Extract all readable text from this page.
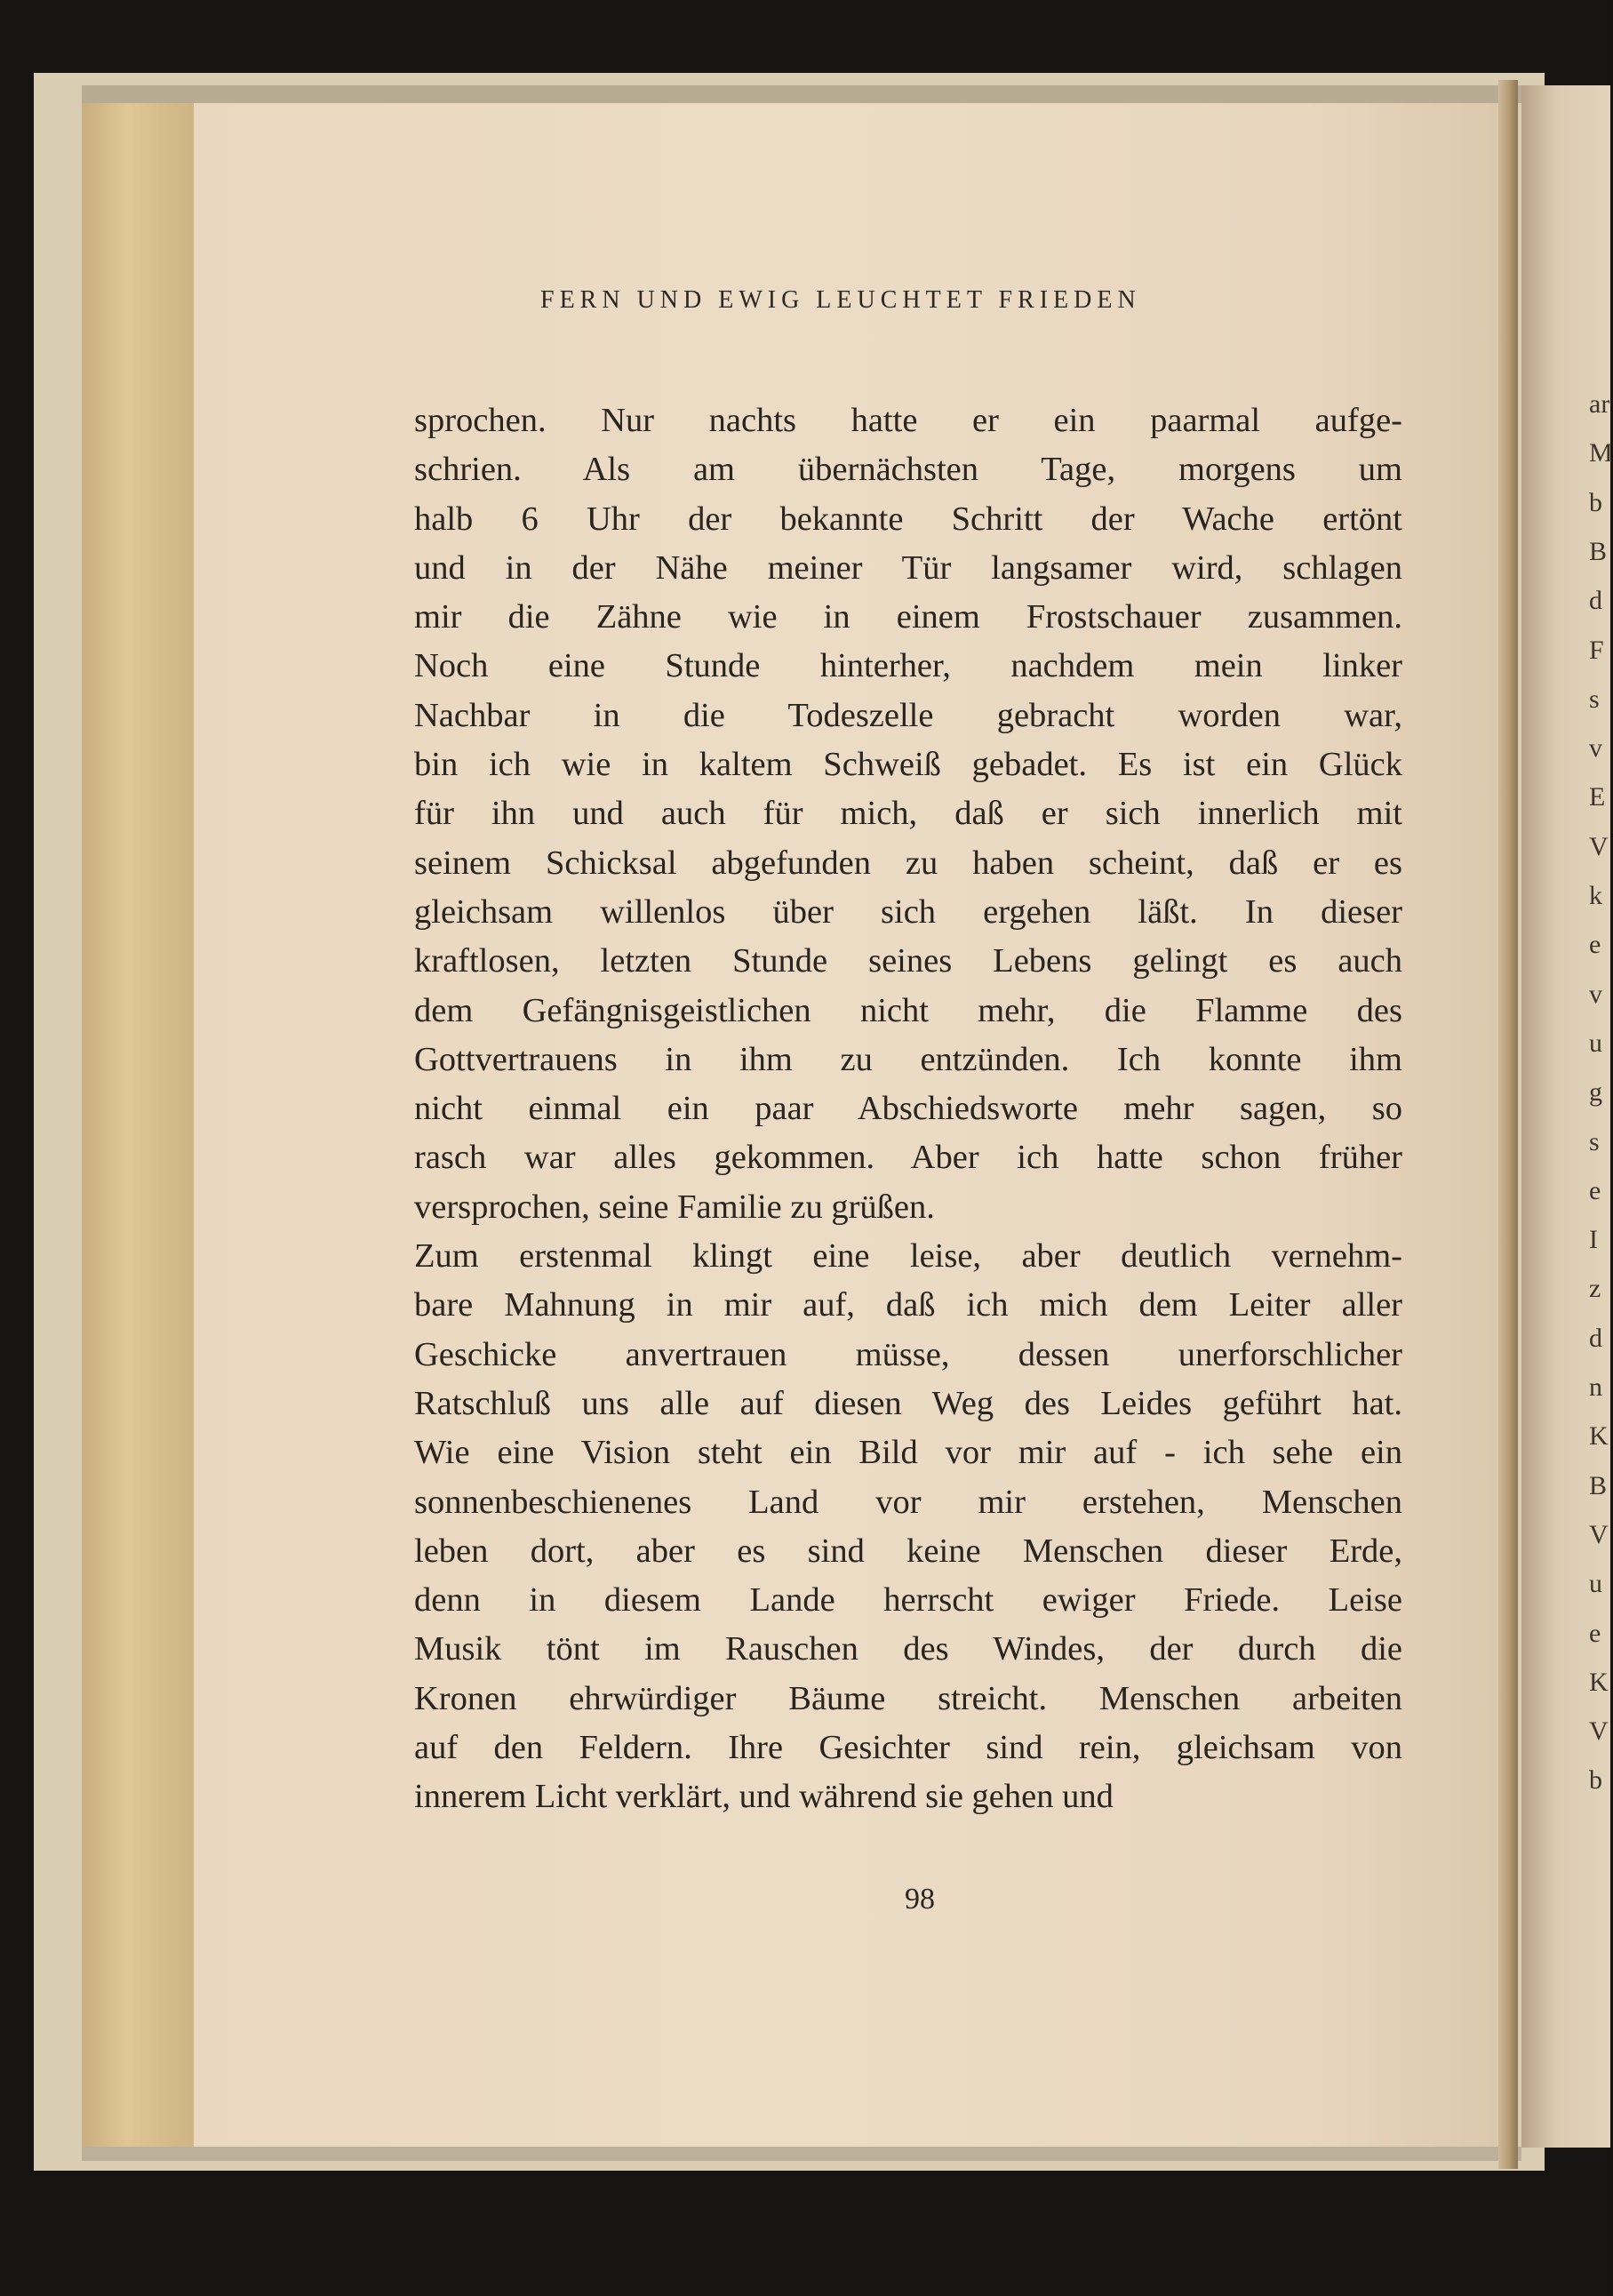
ar
M
b
B
d
F
s
v
E
V
k
e
v
u
g
s
e
I
z
d
n
K
B
V
u
e
K
V
b
FERN UND EWIG LEUCHTET FRIEDEN
sprochen. Nur nachts hatte er ein paarmal aufge-
schrien. Als am übernächsten Tage, morgens um
halb 6 Uhr der bekannte Schritt der Wache ertönt
und in der Nähe meiner Tür langsamer wird, schlagen
mir die Zähne wie in einem Frostschauer zusammen.
Noch eine Stunde hinterher, nachdem mein linker
Nachbar in die Todeszelle gebracht worden war,
bin ich wie in kaltem Schweiß gebadet. Es ist ein Glück
für ihn und auch für mich, daß er sich innerlich mit
seinem Schicksal abgefunden zu haben scheint, daß er es
gleichsam willenlos über sich ergehen läßt. In dieser
kraftlosen, letzten Stunde seines Lebens gelingt es auch
dem Gefängnisgeistlichen nicht mehr, die Flamme des
Gottvertrauens in ihm zu entzünden. Ich konnte ihm
nicht einmal ein paar Abschiedsworte mehr sagen, so
rasch war alles gekommen. Aber ich hatte schon früher
versprochen, seine Familie zu grüßen.
Zum erstenmal klingt eine leise, aber deutlich vernehm-
bare Mahnung in mir auf, daß ich mich dem Leiter aller
Geschicke anvertrauen müsse, dessen unerforschlicher
Ratschluß uns alle auf diesen Weg des Leides geführt hat.
Wie eine Vision steht ein Bild vor mir auf - ich sehe ein
sonnenbeschienenes Land vor mir erstehen, Menschen
leben dort, aber es sind keine Menschen dieser Erde,
denn in diesem Lande herrscht ewiger Friede. Leise
Musik tönt im Rauschen des Windes, der durch die
Kronen ehrwürdiger Bäume streicht. Menschen arbeiten
auf den Feldern. Ihre Gesichter sind rein, gleichsam von
innerem Licht verklärt, und während sie gehen und
98
